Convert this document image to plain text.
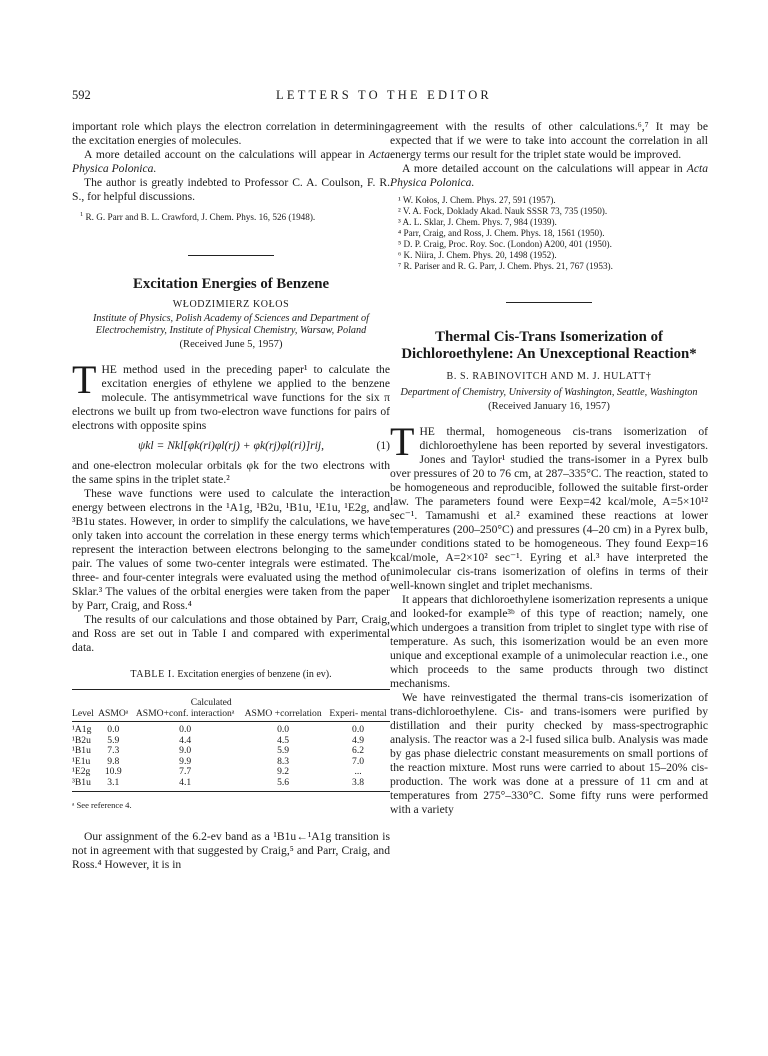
592	LETTERS TO THE EDITOR

important role which plays the electron correlation in determining the excitation energies of molecules.

A more detailed account on the calculations will appear in Acta Physica Polonica.

The author is greatly indebted to Professor C. A. Coulson, F. R. S., for helpful discussions.

$^1$ R. G. Parr and B. L. Crawford, J. Chem. Phys. 16, 526 (1948).

Excitation Energies of Benzene
WŁODZIMIERZ KOŁOS
Institute of Physics, Polish Academy of Sciences and Department of Electrochemistry, Institute of Physical Chemistry, Warsaw, Poland
(Received June 5, 1957)

THE method used in the preceding paper¹ to calculate the excitation energies of ethylene we applied to the benzene molecule. The antisymmetrical wave functions for the six π electrons we built up from two-electron wave functions for pairs of electrons with opposite spins

ψkl = Nkl[φk(ri)φl(rj) + φk(rj)φl(ri)]rij,	(1)

and one-electron molecular orbitals φk for the two electrons with the same spins in the triplet state.²

These wave functions were used to calculate the interaction energy between electrons in the ¹A1g, ¹B2u, ¹B1u, ¹E1u, ¹E2g, and ³B1u states. However, in order to simplify the calculations, we have only taken into account the correlation in these energy terms which represent the interaction between electrons belonging to the same pair. The values of some two-center integrals were estimated. The three- and four-center integrals were evaluated using the method of Sklar.³ The values of the orbital energies were taken from the paper by Parr, Craig, and Ross.⁴

The results of our calculations and those obtained by Parr, Craig, and Ross are set out in Table I and compared with experimental data.

TABLE I. Excitation energies of benzene (in ev).
	Calculated			
Level	ASMOᵃ	ASMO+conf. interactionᵃ	ASMO +correlation	Experi- mental
¹A1g	0.0	0.0	0.0	0.0
¹B2u	5.9	4.4	4.5	4.9
¹B1u	7.3	9.0	5.9	6.2
¹E1u	9.8	9.9	8.3	7.0
¹E2g	10.9	7.7	9.2	...
³B1u	3.1	4.1	5.6	3.8
ᵃ See reference 4.

Our assignment of the 6.2-ev band as a ¹B1u←¹A1g transition is not in agreement with that suggested by Craig,⁵ and Parr, Craig, and Ross.⁴ However, it is in

agreement with the results of other calculations.⁶,⁷ It may be expected that if we were to take into account the correlation in all energy terms our result for the triplet state would be improved.

A more detailed account on the calculations will appear in Acta Physica Polonica.

¹ W. Kołos, J. Chem. Phys. 27, 591 (1957).

² V. A. Fock, Doklady Akad. Nauk SSSR 73, 735 (1950).

³ A. L. Sklar, J. Chem. Phys. 7, 984 (1939).

⁴ Parr, Craig, and Ross, J. Chem. Phys. 18, 1561 (1950).

⁵ D. P. Craig, Proc. Roy. Soc. (London) A200, 401 (1950).

⁶ K. Niira, J. Chem. Phys. 20, 1498 (1952).

⁷ R. Pariser and R. G. Parr, J. Chem. Phys. 21, 767 (1953).

Thermal Cis-Trans Isomerization of Dichloroethylene: An Unexceptional Reaction*
B. S. RABINOVITCH AND M. J. HULATT†
Department of Chemistry, University of Washington, Seattle, Washington
(Received January 16, 1957)

THE thermal, homogeneous cis-trans isomerization of dichloroethylene has been reported by several investigators. Jones and Taylor¹ studied the trans-isomer in a Pyrex bulb over pressures of 20 to 76 cm, at 287–335°C. The reaction, stated to be homogeneous and reproducible, followed the suitable first-order law. The parameters found were Eexp=42 kcal/mole, A=5×10¹² sec⁻¹. Tamamushi et al.² examined these reactions at lower temperatures (200–250°C) and pressures (4–20 cm) in a Pyrex bulb, under conditions stated to be homogeneous. They found Eexp=16 kcal/mole, A=2×10² sec⁻¹. Eyring et al.³ have interpreted the unimolecular cis-trans isomerization of olefins in terms of their well-known singlet and triplet mechanisms.

It appears that dichloroethylene isomerization represents a unique and looked-for example³ᵇ of this type of reaction; namely, one which undergoes a transition from triplet to singlet type with rise of temperature. As such, this isomerization would be an even more unique and exceptional example of a unimolecular reaction i.e., one which proceeds to the same products through two distinct mechanisms.

We have reinvestigated the thermal trans-cis isomerization of trans-dichloroethylene. Cis- and trans-isomers were purified by distillation and their purity checked by mass-spectrographic analysis. The reactor was a 2-l fused silica bulb. Analysis was made by gas phase dielectric constant measurements on small portions of the reaction mixture. Most runs were carried to about 15–20% cis-production. The work was done at a pressure of 11 cm and at temperatures from 275°–330°C. Some fifty runs were performed with a variety
